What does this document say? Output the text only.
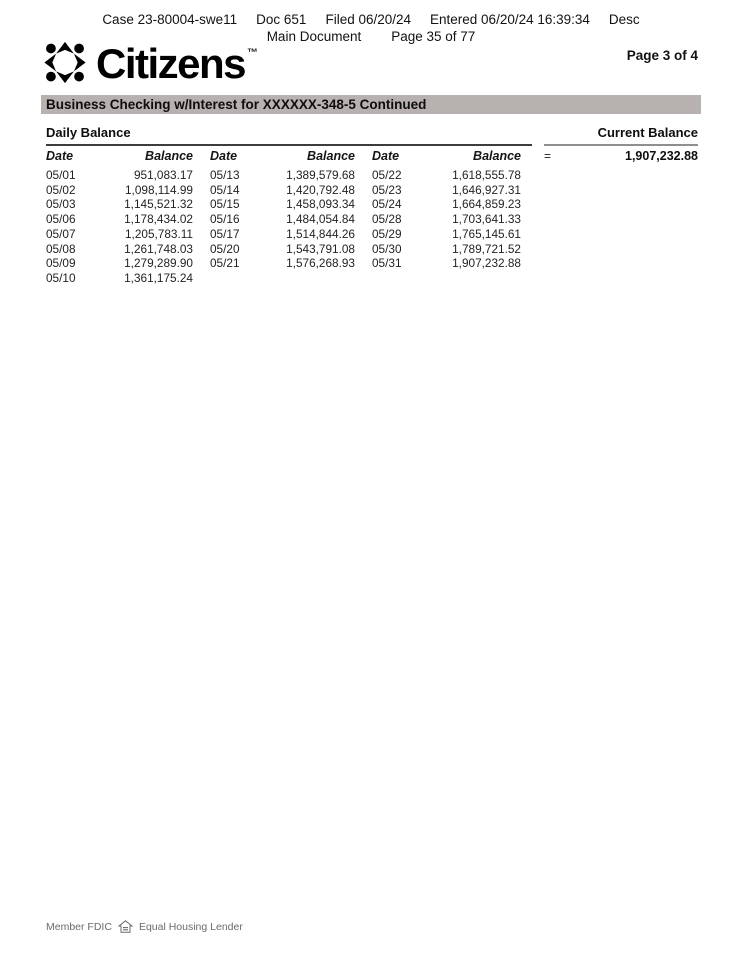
Case 23-80004-swe11 Doc 651 Filed 06/20/24 Entered 06/20/24 16:39:34 Desc
Main Document Page 35 of 77
Citizens ™	Page 3 of 4
Business Checking w/Interest for XXXXXX-348-5 Continued
Daily Balance	Current Balance
Date	Balance Date	Balance Date	Balance =	1,907,232.88
05/01	951,083.17 05/13	1,389,579.68 05/22	1,618,555.78
05/02	1,098,114.99 05/14	1,420,792.48 05/23	1,646,927.31
05/03	1,145,521.32 05/15	1,458,093.34 05/24	1,664,859.23
05/06	1,178,434.02 05/16	1,484,054.84 05/28	1,703,641.33
05/07	1,205,783.11 05/17	1,514,844.26 05/29	1,765,145.61
05/08	1,261,748.03 05/20	1,543,791.08 05/30	1,789,721.52
05/09	1,279,289.90 05/21	1,576,268.93 05/31	1,907,232.88
05/10	1,361,175.24
Member FDIC	Equal Housing Lender
